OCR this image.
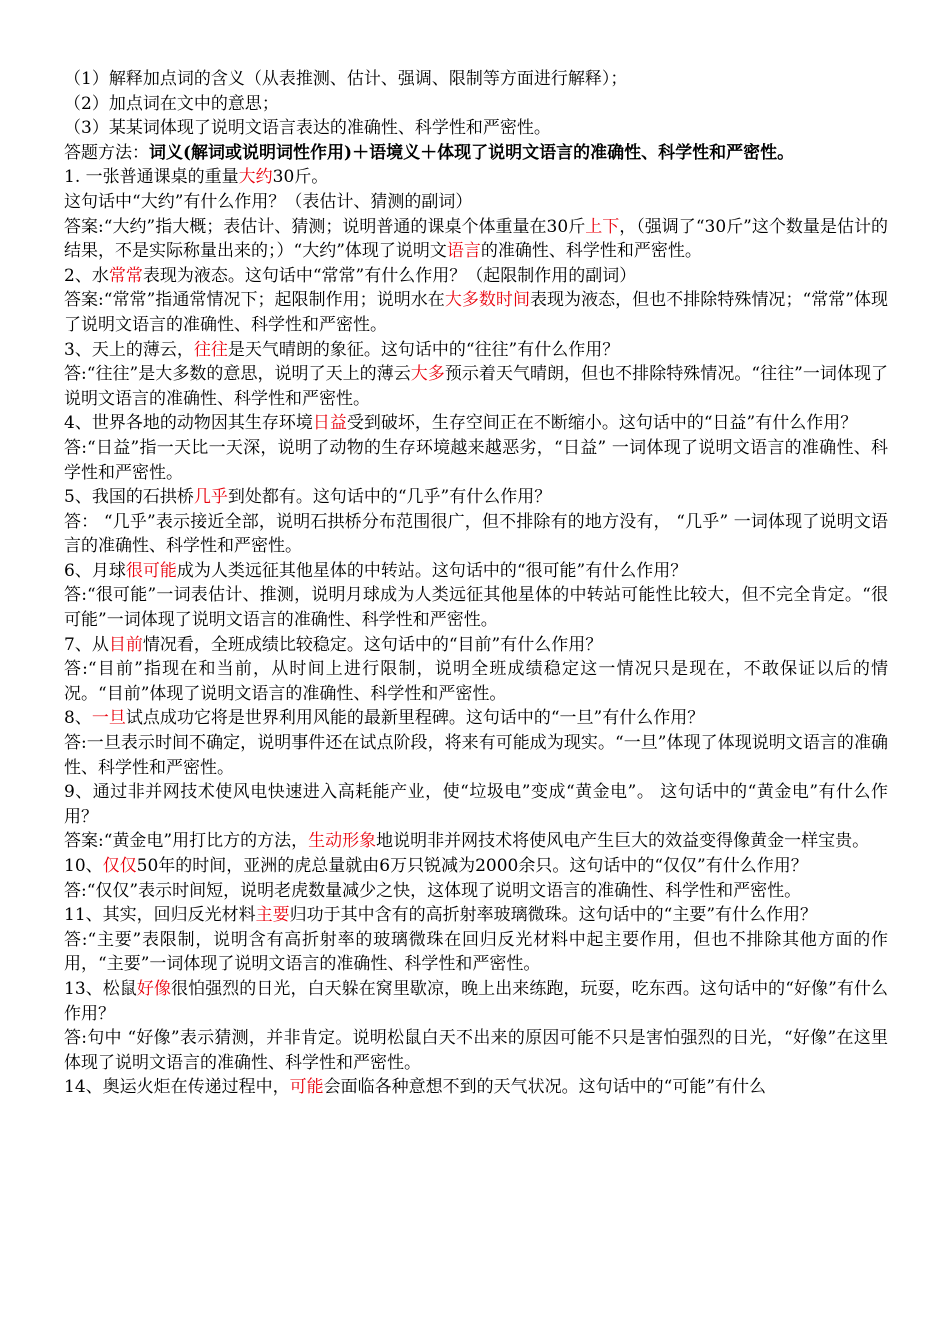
（1）解释加点词的含义（从表推测、估计、强调、限制等方面进行解释）；

（2）加点词在文中的意思；

（3）某某词体现了说明文语言表达的准确性、科学性和严密性。

答题方法：词义(解词或说明词性作用)＋语境义＋体现了说明文语言的准确性、科学性和严密性。

1. 一张普通课桌的重量大约30斤。

这句话中“大约”有什么作用？（表估计、猜测的副词）

答案:“大约”指大概；表估计、猜测；说明普通的课桌个体重量在30斤上下，（强调了“30斤”这个数量是估计的结果，不是实际称量出来的；）“大约”体现了说明文语言的准确性、科学性和严密性。

2、水常常表现为液态。这句话中“常常”有什么作用？（起限制作用的副词）

答案:“常常”指通常情况下；起限制作用；说明水在大多数时间表现为液态，但也不排除特殊情况；“常常”体现了说明文语言的准确性、科学性和严密性。

3、天上的薄云，往往是天气晴朗的象征。这句话中的“往往”有什么作用？

答:“往往”是大多数的意思，说明了天上的薄云大多预示着天气晴朗，但也不排除特殊情况。“往往”一词体现了说明文语言的准确性、科学性和严密性。

4、世界各地的动物因其生存环境日益受到破坏，生存空间正在不断缩小。这句话中的“日益”有什么作用？

答:“日益”指一天比一天深，说明了动物的生存环境越来越恶劣，“日益” 一词体现了说明文语言的准确性、科学性和严密性。

5、我国的石拱桥几乎到处都有。这句话中的“几乎”有什么作用？

答： “几乎”表示接近全部，说明石拱桥分布范围很广，但不排除有的地方没有， “几乎” 一词体现了说明文语言的准确性、科学性和严密性。

6、月球很可能成为人类远征其他星体的中转站。这句话中的“很可能”有什么作用？

答:“很可能”一词表估计、推测，说明月球成为人类远征其他星体的中转站可能性比较大，但不完全肯定。“很可能”一词体现了说明文语言的准确性、科学性和严密性。

7、从目前情况看，全班成绩比较稳定。这句话中的“目前”有什么作用？

答:“目前”指现在和当前，从时间上进行限制，说明全班成绩稳定这一情况只是现在，不敢保证以后的情况。“目前”体现了说明文语言的准确性、科学性和严密性。

8、一旦试点成功它将是世界利用风能的最新里程碑。这句话中的“一旦”有什么作用？

答:一旦表示时间不确定，说明事件还在试点阶段，将来有可能成为现实。“一旦”体现了体现说明文语言的准确性、科学性和严密性。

9、通过非并网技术使风电快速进入高耗能产业，使“垃圾电”变成“黄金电”。 这句话中的“黄金电”有什么作用？

答案:“黄金电”用打比方的方法，生动形象地说明非并网技术将使风电产生巨大的效益变得像黄金一样宝贵。

10、仅仅50年的时间，亚洲的虎总量就由6万只锐减为2000余只。这句话中的“仅仅”有什么作用？

答:“仅仅”表示时间短，说明老虎数量减少之快，这体现了说明文语言的准确性、科学性和严密性。

11、其实，回归反光材料主要归功于其中含有的高折射率玻璃微珠。这句话中的“主要”有什么作用？

答:“主要”表限制，说明含有高折射率的玻璃微珠在回归反光材料中起主要作用，但也不排除其他方面的作用，“主要”一词体现了说明文语言的准确性、科学性和严密性。

13、松鼠好像很怕强烈的日光，白天躲在窝里歇凉，晚上出来练跑，玩耍，吃东西。这句话中的“好像”有什么作用？

答:句中 “好像”表示猜测，并非肯定。说明松鼠白天不出来的原因可能不只是害怕强烈的日光，“好像”在这里体现了说明文语言的准确性、科学性和严密性。

14、奥运火炬在传递过程中，可能会面临各种意想不到的天气状况。这句话中的“可能”有什么
